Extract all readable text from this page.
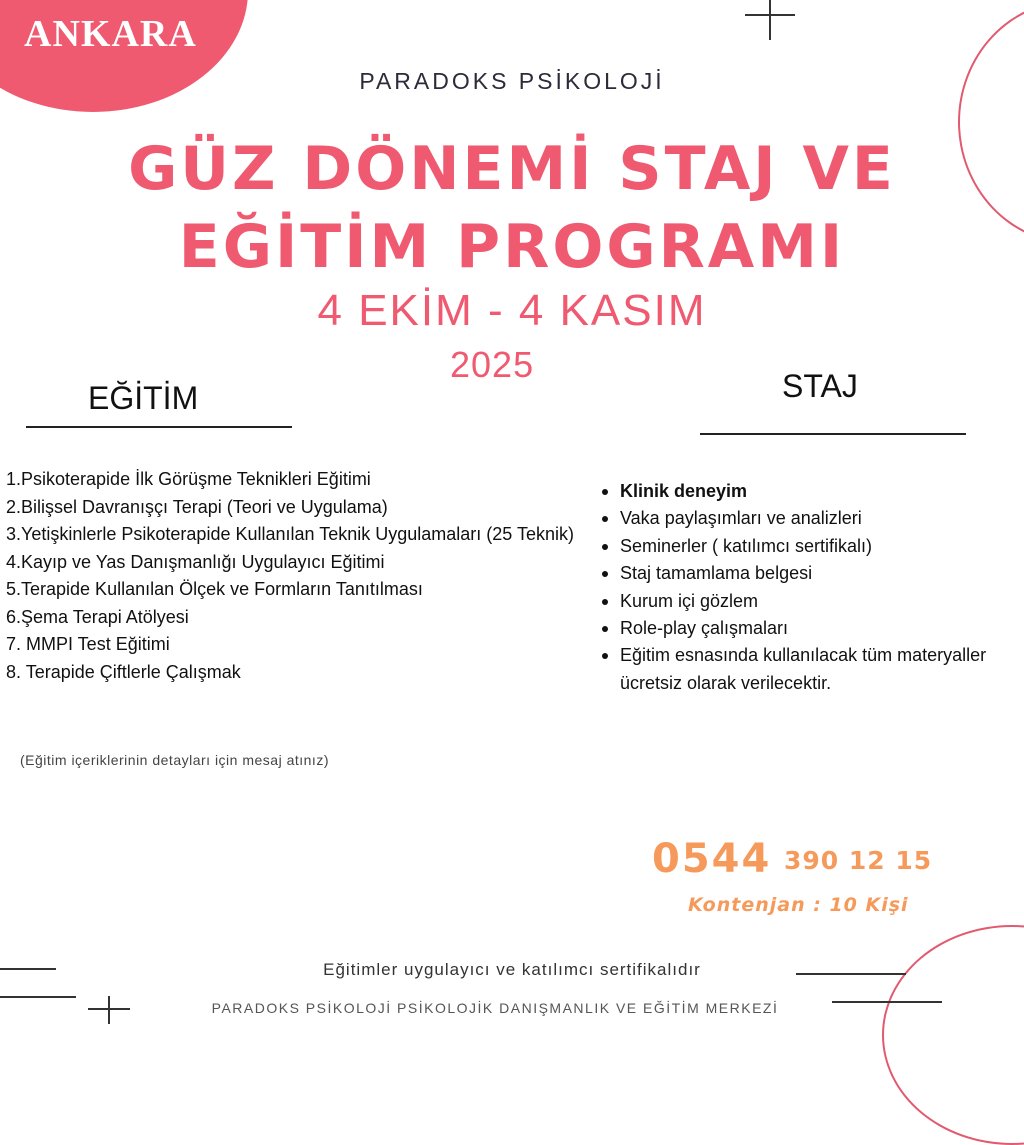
ANKARA
PARADOKS PSİKOLOJİ
GÜZ DÖNEMİ STAJ VE
EĞİTİM PROGRAMI
4 EKİM - 4 KASIM
2025
EĞİTİM
1.Psikoterapide İlk Görüşme Teknikleri Eğitimi
2.Bilişsel Davranışçı Terapi (Teori ve Uygulama)
3.Yetişkinlerle Psikoterapide Kullanılan Teknik Uygulamaları (25 Teknik)
4.Kayıp ve Yas Danışmanlığı Uygulayıcı Eğitimi
5.Terapide Kullanılan Ölçek ve Formların Tanıtılması
6.Şema Terapi Atölyesi
7. MMPI Test Eğitimi
8. Terapide Çiftlerle Çalışmak
(Eğitim içeriklerinin detayları için mesaj atınız)
STAJ
Klinik deneyim
Vaka paylaşımları ve analizleri
Seminerler ( katılımcı sertifikalı)
Staj tamamlama belgesi
Kurum içi gözlem
Role-play çalışmaları
Eğitim esnasında kullanılacak tüm materyaller ücretsiz olarak verilecektir.
0544 390 12 15
Kontenjan : 10 Kişi
Eğitimler uygulayıcı ve katılımcı sertifikalıdır
PARADOKS PSİKOLOJİ PSİKOLOJİK DANIŞMANLIK VE EĞİTİM MERKEZİ
